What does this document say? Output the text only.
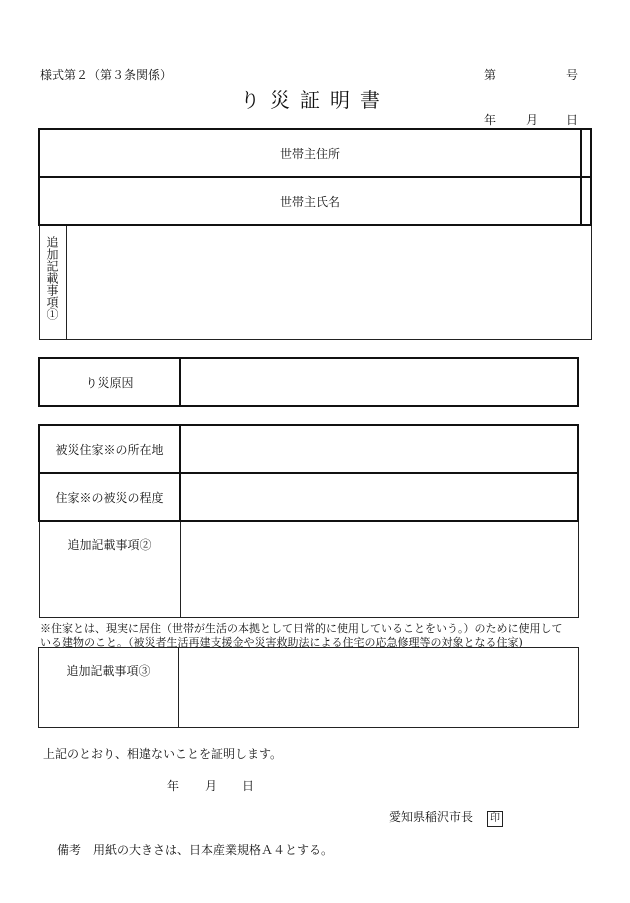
様式第２（第３条関係）	第	号
り災証明書
年 月 日
世帯主住所		
世帯主氏名		
追加記載事項①		
り災原因	
被災住家※の所在地	
住家※の被災の程度	
追加記載事項②	
※住家とは、現実に居住（世帯が生活の本拠として日常的に使用していることをいう。）のために使用して
いる建物のこと。（被災者生活再建支援金や災害救助法による住宅の応急修理等の対象となる住家)
追加記載事項③	
上記のとおり、相違ないことを証明します。
年 月 日
愛知県稲沢市長 印
備考　用紙の大きさは、日本産業規格Ａ４とする。
